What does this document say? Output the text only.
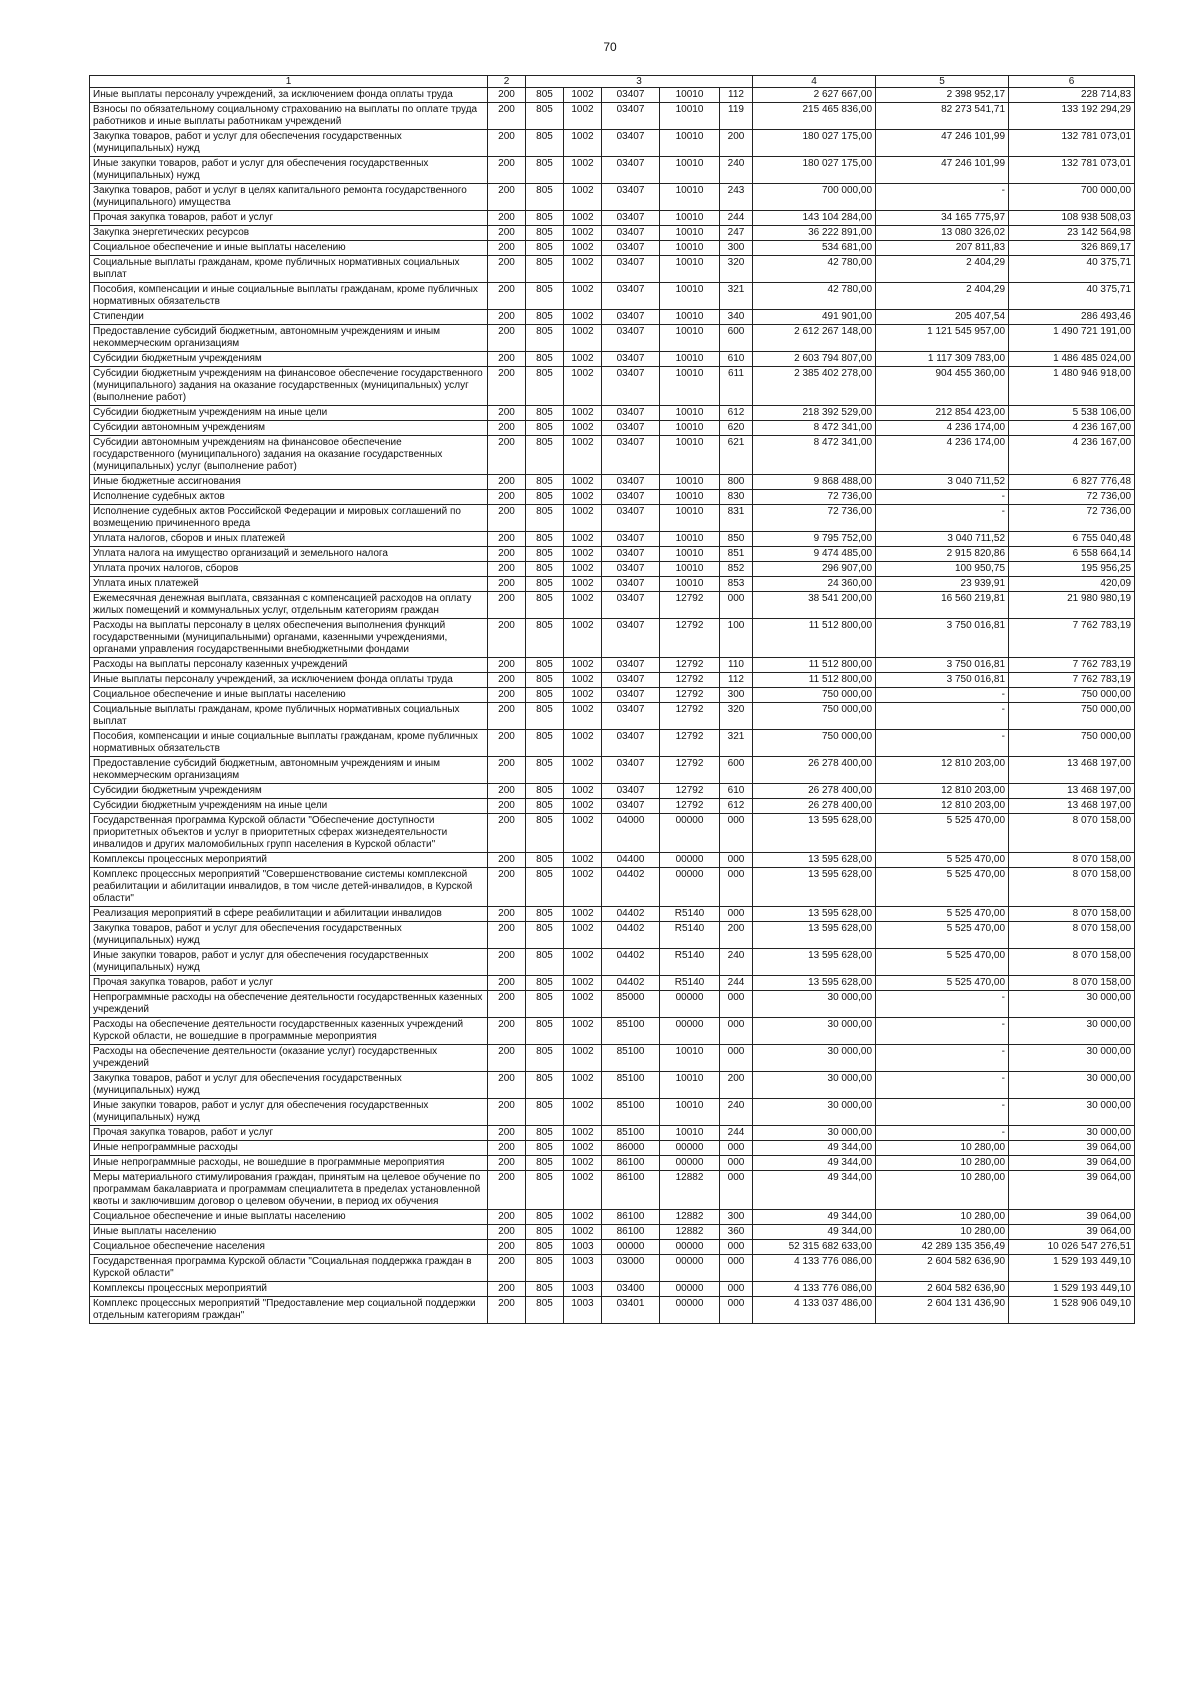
70
1	2	3					4	5	6
Иные выплаты персоналу учреждений, за исключением фонда оплаты труда	200	805	1002	03407	10010	112	2 627 667,00	2 398 952,17	228 714,83
Взносы по обязательному социальному страхованию на выплаты по оплате труда работников и иные выплаты работникам учреждений	200	805	1002	03407	10010	119	215 465 836,00	82 273 541,71	133 192 294,29
Закупка товаров, работ и услуг для обеспечения государственных (муниципальных) нужд	200	805	1002	03407	10010	200	180 027 175,00	47 246 101,99	132 781 073,01
Иные закупки товаров, работ и услуг для обеспечения государственных (муниципальных) нужд	200	805	1002	03407	10010	240	180 027 175,00	47 246 101,99	132 781 073,01
Закупка товаров, работ и услуг в целях капитального ремонта государственного (муниципального) имущества	200	805	1002	03407	10010	243	700 000,00	-	700 000,00
Прочая закупка товаров, работ и услуг	200	805	1002	03407	10010	244	143 104 284,00	34 165 775,97	108 938 508,03
Закупка энергетических ресурсов	200	805	1002	03407	10010	247	36 222 891,00	13 080 326,02	23 142 564,98
Социальное обеспечение и иные выплаты населению	200	805	1002	03407	10010	300	534 681,00	207 811,83	326 869,17
Социальные выплаты гражданам, кроме публичных нормативных социальных выплат	200	805	1002	03407	10010	320	42 780,00	2 404,29	40 375,71
Пособия, компенсации и иные социальные выплаты гражданам, кроме публичных нормативных обязательств	200	805	1002	03407	10010	321	42 780,00	2 404,29	40 375,71
Стипендии	200	805	1002	03407	10010	340	491 901,00	205 407,54	286 493,46
Предоставление субсидий бюджетным, автономным учреждениям и иным некоммерческим организациям	200	805	1002	03407	10010	600	2 612 267 148,00	1 121 545 957,00	1 490 721 191,00
Субсидии бюджетным учреждениям	200	805	1002	03407	10010	610	2 603 794 807,00	1 117 309 783,00	1 486 485 024,00
Субсидии бюджетным учреждениям на финансовое обеспечение государственного (муниципального) задания на оказание государственных (муниципальных) услуг (выполнение работ)	200	805	1002	03407	10010	611	2 385 402 278,00	904 455 360,00	1 480 946 918,00
Субсидии бюджетным учреждениям на иные цели	200	805	1002	03407	10010	612	218 392 529,00	212 854 423,00	5 538 106,00
Субсидии автономным учреждениям	200	805	1002	03407	10010	620	8 472 341,00	4 236 174,00	4 236 167,00
Субсидии автономным учреждениям на финансовое обеспечение государственного (муниципального) задания на оказание государственных (муниципальных) услуг (выполнение работ)	200	805	1002	03407	10010	621	8 472 341,00	4 236 174,00	4 236 167,00
Иные бюджетные ассигнования	200	805	1002	03407	10010	800	9 868 488,00	3 040 711,52	6 827 776,48
Исполнение судебных актов	200	805	1002	03407	10010	830	72 736,00	-	72 736,00
Исполнение судебных актов Российской Федерации и мировых соглашений по возмещению причиненного вреда	200	805	1002	03407	10010	831	72 736,00	-	72 736,00
Уплата налогов, сборов и иных платежей	200	805	1002	03407	10010	850	9 795 752,00	3 040 711,52	6 755 040,48
Уплата налога на имущество организаций и земельного налога	200	805	1002	03407	10010	851	9 474 485,00	2 915 820,86	6 558 664,14
Уплата прочих налогов, сборов	200	805	1002	03407	10010	852	296 907,00	100 950,75	195 956,25
Уплата иных платежей	200	805	1002	03407	10010	853	24 360,00	23 939,91	420,09
Ежемесячная денежная выплата, связанная с компенсацией расходов на оплату жилых помещений и коммунальных услуг, отдельным категориям граждан	200	805	1002	03407	12792	000	38 541 200,00	16 560 219,81	21 980 980,19
Расходы на выплаты персоналу в целях обеспечения выполнения функций государственными (муниципальными) органами, казенными учреждениями, органами управления государственными внебюджетными фондами	200	805	1002	03407	12792	100	11 512 800,00	3 750 016,81	7 762 783,19
Расходы на выплаты персоналу казенных учреждений	200	805	1002	03407	12792	110	11 512 800,00	3 750 016,81	7 762 783,19
Иные выплаты персоналу учреждений, за исключением фонда оплаты труда	200	805	1002	03407	12792	112	11 512 800,00	3 750 016,81	7 762 783,19
Социальное обеспечение и иные выплаты населению	200	805	1002	03407	12792	300	750 000,00	-	750 000,00
Социальные выплаты гражданам, кроме публичных нормативных социальных выплат	200	805	1002	03407	12792	320	750 000,00	-	750 000,00
Пособия, компенсации и иные социальные выплаты гражданам, кроме публичных нормативных обязательств	200	805	1002	03407	12792	321	750 000,00	-	750 000,00
Предоставление субсидий бюджетным, автономным учреждениям и иным некоммерческим организациям	200	805	1002	03407	12792	600	26 278 400,00	12 810 203,00	13 468 197,00
Субсидии бюджетным учреждениям	200	805	1002	03407	12792	610	26 278 400,00	12 810 203,00	13 468 197,00
Субсидии бюджетным учреждениям на иные цели	200	805	1002	03407	12792	612	26 278 400,00	12 810 203,00	13 468 197,00
Государственная программа Курской области "Обеспечение доступности приоритетных объектов и услуг в приоритетных сферах жизнедеятельности инвалидов и других маломобильных групп населения в Курской области"	200	805	1002	04000	00000	000	13 595 628,00	5 525 470,00	8 070 158,00
Комплексы процессных мероприятий	200	805	1002	04400	00000	000	13 595 628,00	5 525 470,00	8 070 158,00
Комплекс процессных мероприятий "Совершенствование системы комплексной реабилитации и абилитации инвалидов, в том числе детей-инвалидов, в Курской области"	200	805	1002	04402	00000	000	13 595 628,00	5 525 470,00	8 070 158,00
Реализация мероприятий в сфере реабилитации и абилитации инвалидов	200	805	1002	04402	R5140	000	13 595 628,00	5 525 470,00	8 070 158,00
Закупка товаров, работ и услуг для обеспечения государственных (муниципальных) нужд	200	805	1002	04402	R5140	200	13 595 628,00	5 525 470,00	8 070 158,00
Иные закупки товаров, работ и услуг для обеспечения государственных (муниципальных) нужд	200	805	1002	04402	R5140	240	13 595 628,00	5 525 470,00	8 070 158,00
Прочая закупка товаров, работ и услуг	200	805	1002	04402	R5140	244	13 595 628,00	5 525 470,00	8 070 158,00
Непрограммные расходы на обеспечение деятельности государственных казенных учреждений	200	805	1002	85000	00000	000	30 000,00	-	30 000,00
Расходы на обеспечение деятельности государственных казенных учреждений Курской области, не вошедшие в программные мероприятия	200	805	1002	85100	00000	000	30 000,00	-	30 000,00
Расходы на обеспечение деятельности (оказание услуг) государственных учреждений	200	805	1002	85100	10010	000	30 000,00	-	30 000,00
Закупка товаров, работ и услуг для обеспечения государственных (муниципальных) нужд	200	805	1002	85100	10010	200	30 000,00	-	30 000,00
Иные закупки товаров, работ и услуг для обеспечения государственных (муниципальных) нужд	200	805	1002	85100	10010	240	30 000,00	-	30 000,00
Прочая закупка товаров, работ и услуг	200	805	1002	85100	10010	244	30 000,00	-	30 000,00
Иные непрограммные расходы	200	805	1002	86000	00000	000	49 344,00	10 280,00	39 064,00
Иные непрограммные расходы, не вошедшие в программные мероприятия	200	805	1002	86100	00000	000	49 344,00	10 280,00	39 064,00
Меры материального стимулирования граждан, принятым на целевое обучение по программам бакалавриата и программам специалитета в пределах установленной квоты и заключившим договор о целевом обучении, в период их обучения	200	805	1002	86100	12882	000	49 344,00	10 280,00	39 064,00
Социальное обеспечение и иные выплаты населению	200	805	1002	86100	12882	300	49 344,00	10 280,00	39 064,00
Иные выплаты населению	200	805	1002	86100	12882	360	49 344,00	10 280,00	39 064,00
Социальное обеспечение населения	200	805	1003	00000	00000	000	52 315 682 633,00	42 289 135 356,49	10 026 547 276,51
Государственная программа Курской области "Социальная поддержка граждан в Курской области"	200	805	1003	03000	00000	000	4 133 776 086,00	2 604 582 636,90	1 529 193 449,10
Комплексы процессных мероприятий	200	805	1003	03400	00000	000	4 133 776 086,00	2 604 582 636,90	1 529 193 449,10
Комплекс процессных мероприятий "Предоставление мер социальной поддержки отдельным категориям граждан"	200	805	1003	03401	00000	000	4 133 037 486,00	2 604 131 436,90	1 528 906 049,10
